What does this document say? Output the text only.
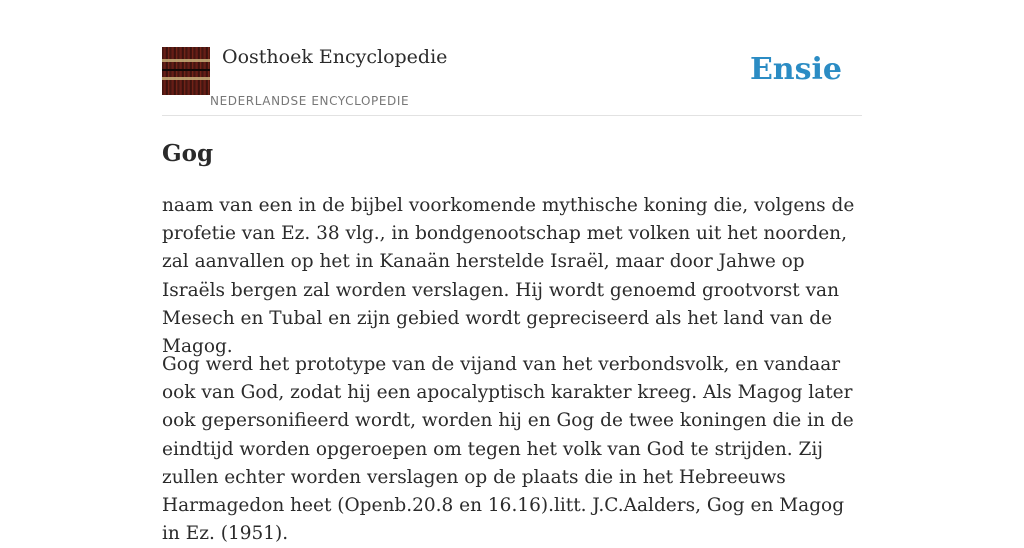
Oosthoek Encyclopedie
NEDERLANDSE ENCYCLOPEDIE
Ensie
Gog

naam van een in de bijbel voorkomende mythische koning die, volgens de profetie van Ez. 38 vlg., in bondgenootschap met volken uit het noorden, zal aanvallen op het in Kanaän herstelde Israël, maar door Jahwe op Israëls bergen zal worden verslagen. Hij wordt genoemd grootvorst van Mesech en Tubal en zijn gebied wordt gepreciseerd als het land van de Magog.

Gog werd het prototype van de vijand van het verbondsvolk, en vandaar ook van God, zodat hij een apocalyptisch karakter kreeg. Als Magog later ook gepersonifieerd wordt, worden hij en Gog de twee koningen die in de eindtijd worden opgeroepen om tegen het volk van God te strijden. Zij zullen echter worden verslagen op de plaats die in het Hebreeuws Harmagedon heet (Openb.20.8 en 16.16).litt. J.C.Aalders, Gog en Magog in Ez. (1951).
